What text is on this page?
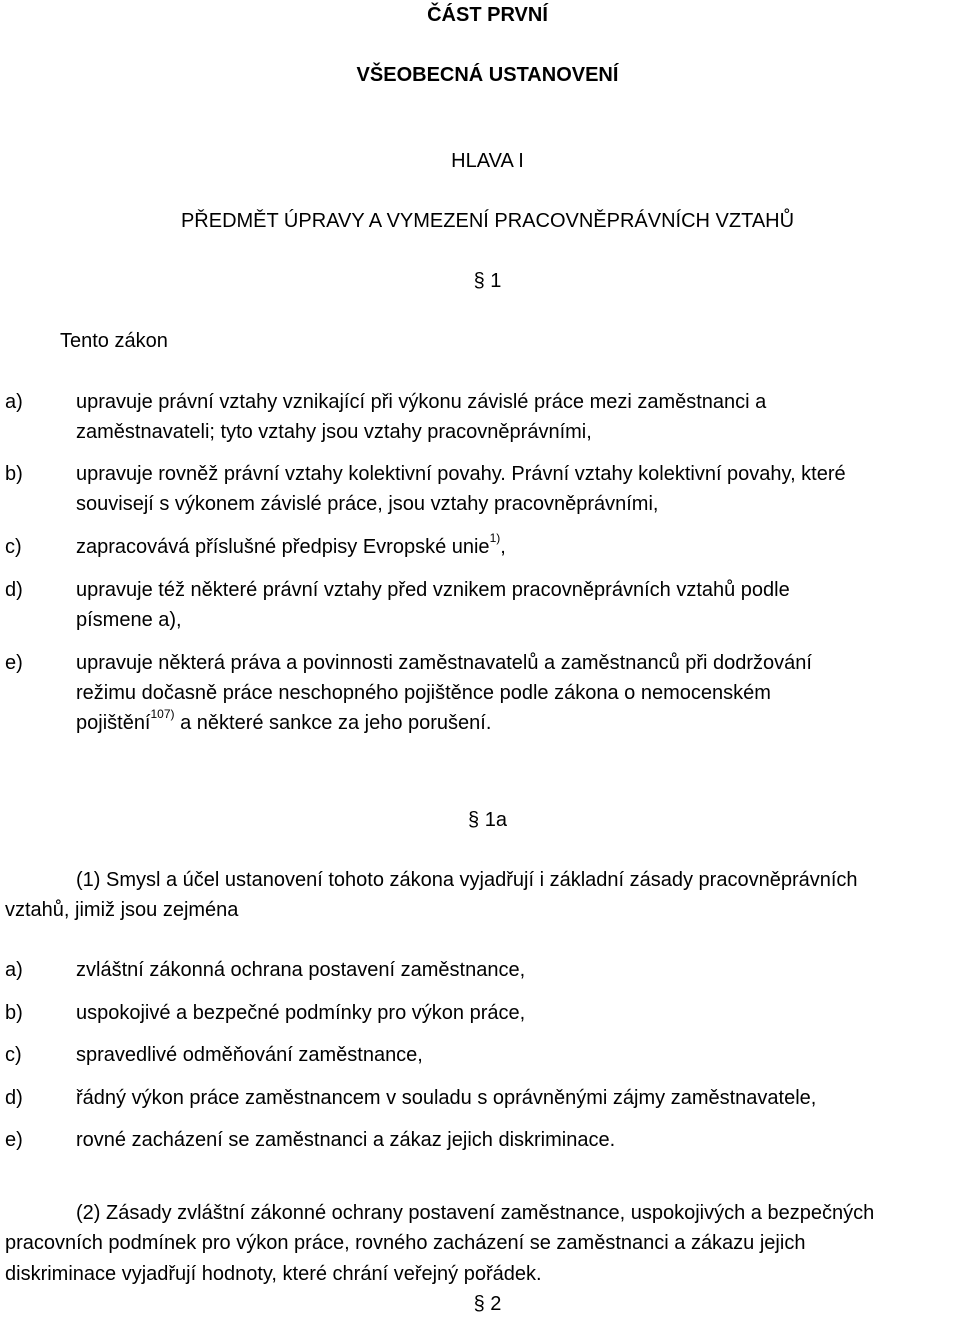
ČÁST PRVNÍ
VŠEOBECNÁ USTANOVENÍ
HLAVA I
PŘEDMĚT ÚPRAVY A VYMEZENÍ PRACOVNĚPRÁVNÍCH VZTAHŮ
§ 1
Tento zákon
a)	upravuje právní vztahy vznikající při výkonu závislé práce mezi zaměstnanci a
zaměstnavateli; tyto vztahy jsou vztahy pracovněprávními,
b)	upravuje rovněž právní vztahy kolektivní povahy. Právní vztahy kolektivní povahy, které
souvisejí s výkonem závislé práce, jsou vztahy pracovněprávními,
c)	zapracovává příslušné předpisy Evropské unie$^{1)}$,
d)	upravuje též některé právní vztahy před vznikem pracovněprávních vztahů podle
písmene a),
e)	upravuje některá práva a povinnosti zaměstnavatelů a zaměstnanců při dodržování
režimu dočasně práce neschopného pojištěnce podle zákona o nemocenském
pojištění$^{107)}$ a některé sankce za jeho porušení.
§ 1a
(1) Smysl a účel ustanovení tohoto zákona vyjadřují i základní zásady pracovněprávních
vztahů, jimiž jsou zejména
a)	zvláštní zákonná ochrana postavení zaměstnance,
b)	uspokojivé a bezpečné podmínky pro výkon práce,
c)	spravedlivé odměňování zaměstnance,
d)	řádný výkon práce zaměstnancem v souladu s oprávněnými zájmy zaměstnavatele,
e)	rovné zacházení se zaměstnanci a zákaz jejich diskriminace.
(2) Zásady zvláštní zákonné ochrany postavení zaměstnance, uspokojivých a bezpečných
pracovních podmínek pro výkon práce, rovného zacházení se zaměstnanci a zákazu jejich
diskriminace vyjadřují hodnoty, které chrání veřejný pořádek.
§ 2
